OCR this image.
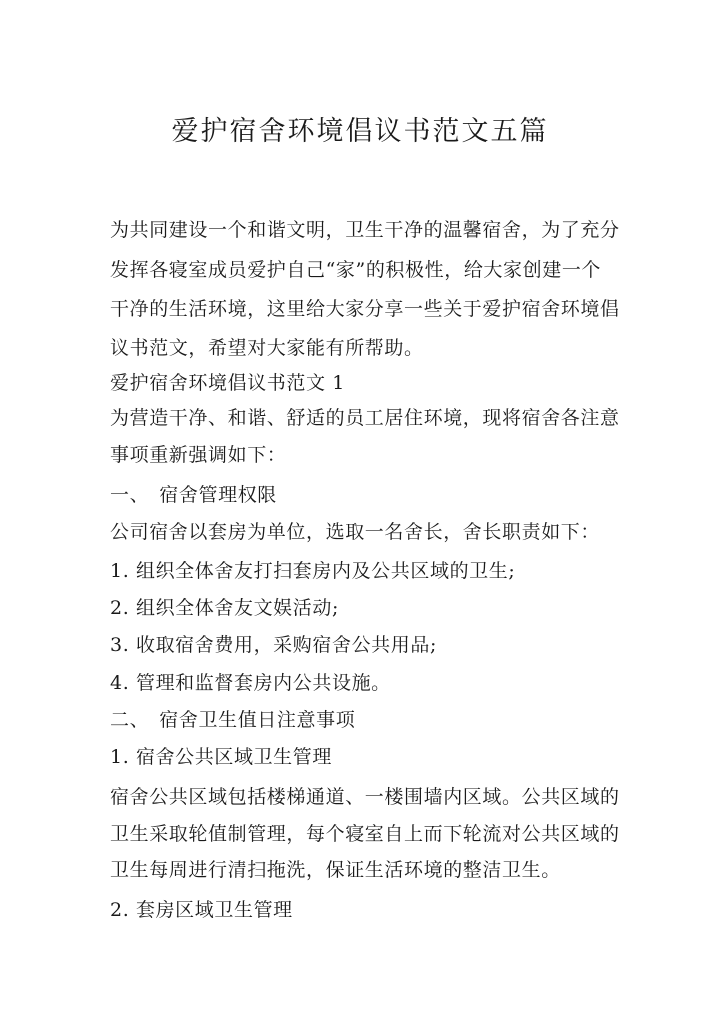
爱护宿舍环境倡议书范文五篇
为共同建设一个和谐文明，卫生干净的温馨宿舍，为了充分
发挥各寝室成员爱护自己“家”的积极性，给大家创建一个
干净的生活环境，这里给大家分享一些关于爱护宿舍环境倡
议书范文，希望对大家能有所帮助。
爱护宿舍环境倡议书范文 1
为营造干净、和谐、舒适的员工居住环境，现将宿舍各注意
事项重新强调如下：
一、　宿舍管理权限
公司宿舍以套房为单位，选取一名舍长，舍长职责如下：
1. 组织全体舍友打扫套房内及公共区域的卫生;
2. 组织全体舍友文娱活动;
3. 收取宿舍费用，采购宿舍公共用品;
4. 管理和监督套房内公共设施。
二、　宿舍卫生值日注意事项
1. 宿舍公共区域卫生管理
宿舍公共区域包括楼梯通道、一楼围墙内区域。公共区域的
卫生采取轮值制管理，每个寝室自上而下轮流对公共区域的
卫生每周进行清扫拖洗，保证生活环境的整洁卫生。
2. 套房区域卫生管理
